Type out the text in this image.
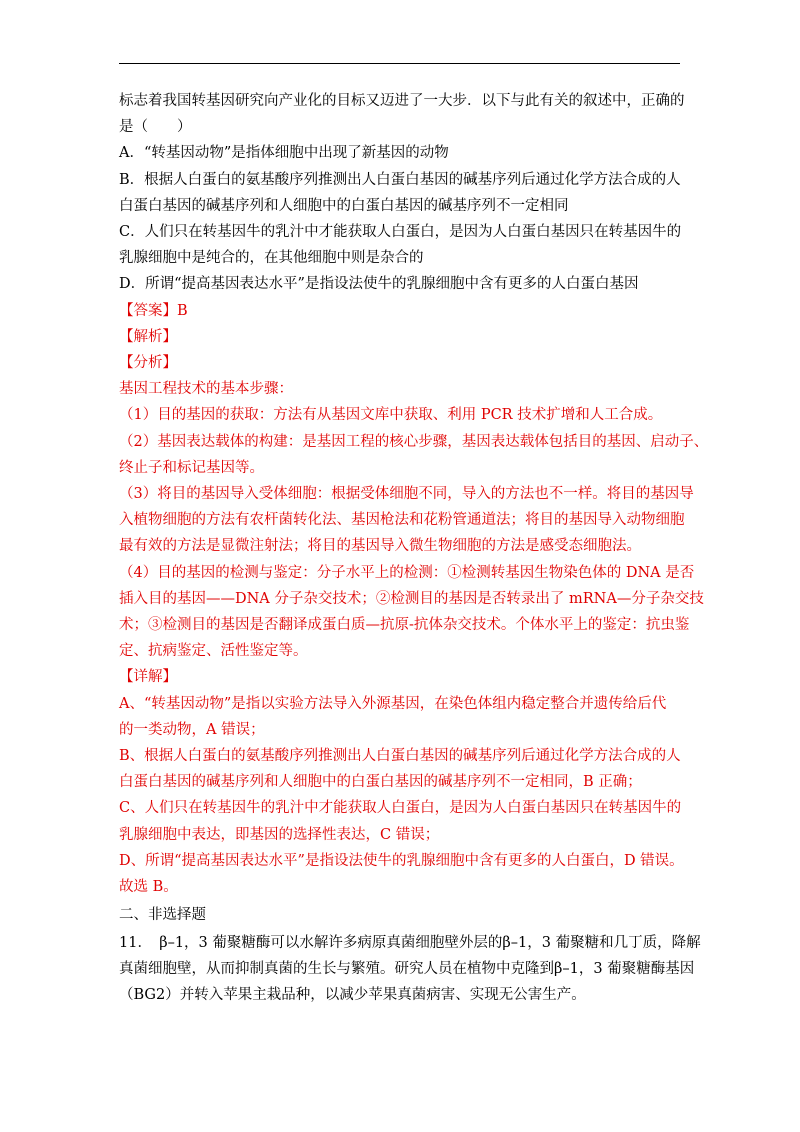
标志着我国转基因研究向产业化的目标又迈进了一大步．以下与此有关的叙述中，正确的
是（　　）
A．“转基因动物”是指体细胞中出现了新基因的动物
B．根据人白蛋白的氨基酸序列推测出人白蛋白基因的碱基序列后通过化学方法合成的人
白蛋白基因的碱基序列和人细胞中的白蛋白基因的碱基序列不一定相同
C．人们只在转基因牛的乳汁中才能获取人白蛋白，是因为人白蛋白基因只在转基因牛的
乳腺细胞中是纯合的，在其他细胞中则是杂合的
D．所谓“提高基因表达水平”是指设法使牛的乳腺细胞中含有更多的人白蛋白基因
【答案】B
【解析】
【分析】
基因工程技术的基本步骤：
（1）目的基因的获取：方法有从基因文库中获取、利用 PCR 技术扩增和人工合成。
（2）基因表达载体的构建：是基因工程的核心步骤，基因表达载体包括目的基因、启动子、
终止子和标记基因等。
（3）将目的基因导入受体细胞：根据受体细胞不同，导入的方法也不一样。将目的基因导
入植物细胞的方法有农杆菌转化法、基因枪法和花粉管通道法；将目的基因导入动物细胞
最有效的方法是显微注射法；将目的基因导入微生物细胞的方法是感受态细胞法。
（4）目的基因的检测与鉴定：分子水平上的检测：①检测转基因生物染色体的 DNA 是否
插入目的基因——DNA 分子杂交技术；②检测目的基因是否转录出了 mRNA—分子杂交技
术；③检测目的基因是否翻译成蛋白质—抗原-抗体杂交技术。个体水平上的鉴定：抗虫鉴
定、抗病鉴定、活性鉴定等。
【详解】
A、“转基因动物”是指以实验方法导入外源基因，在染色体组内稳定整合并遗传给后代
的一类动物，A 错误；
B、根据人白蛋白的氨基酸序列推测出人白蛋白基因的碱基序列后通过化学方法合成的人
白蛋白基因的碱基序列和人细胞中的白蛋白基因的碱基序列不一定相同，B 正确；
C、人们只在转基因牛的乳汁中才能获取人白蛋白，是因为人白蛋白基因只在转基因牛的
乳腺细胞中表达，即基因的选择性表达，C 错误；
D、所谓“提高基因表达水平”是指设法使牛的乳腺细胞中含有更多的人白蛋白，D 错误。
故选 B。
二、非选择题
11．　β–1，3 葡聚糖酶可以水解许多病原真菌细胞壁外层的β–1，3 葡聚糖和几丁质，降解
真菌细胞壁，从而抑制真菌的生长与繁殖。研究人员在植物中克隆到β–1，3 葡聚糖酶基因
（BG2）并转入苹果主栽品种，以减少苹果真菌病害、实现无公害生产。
